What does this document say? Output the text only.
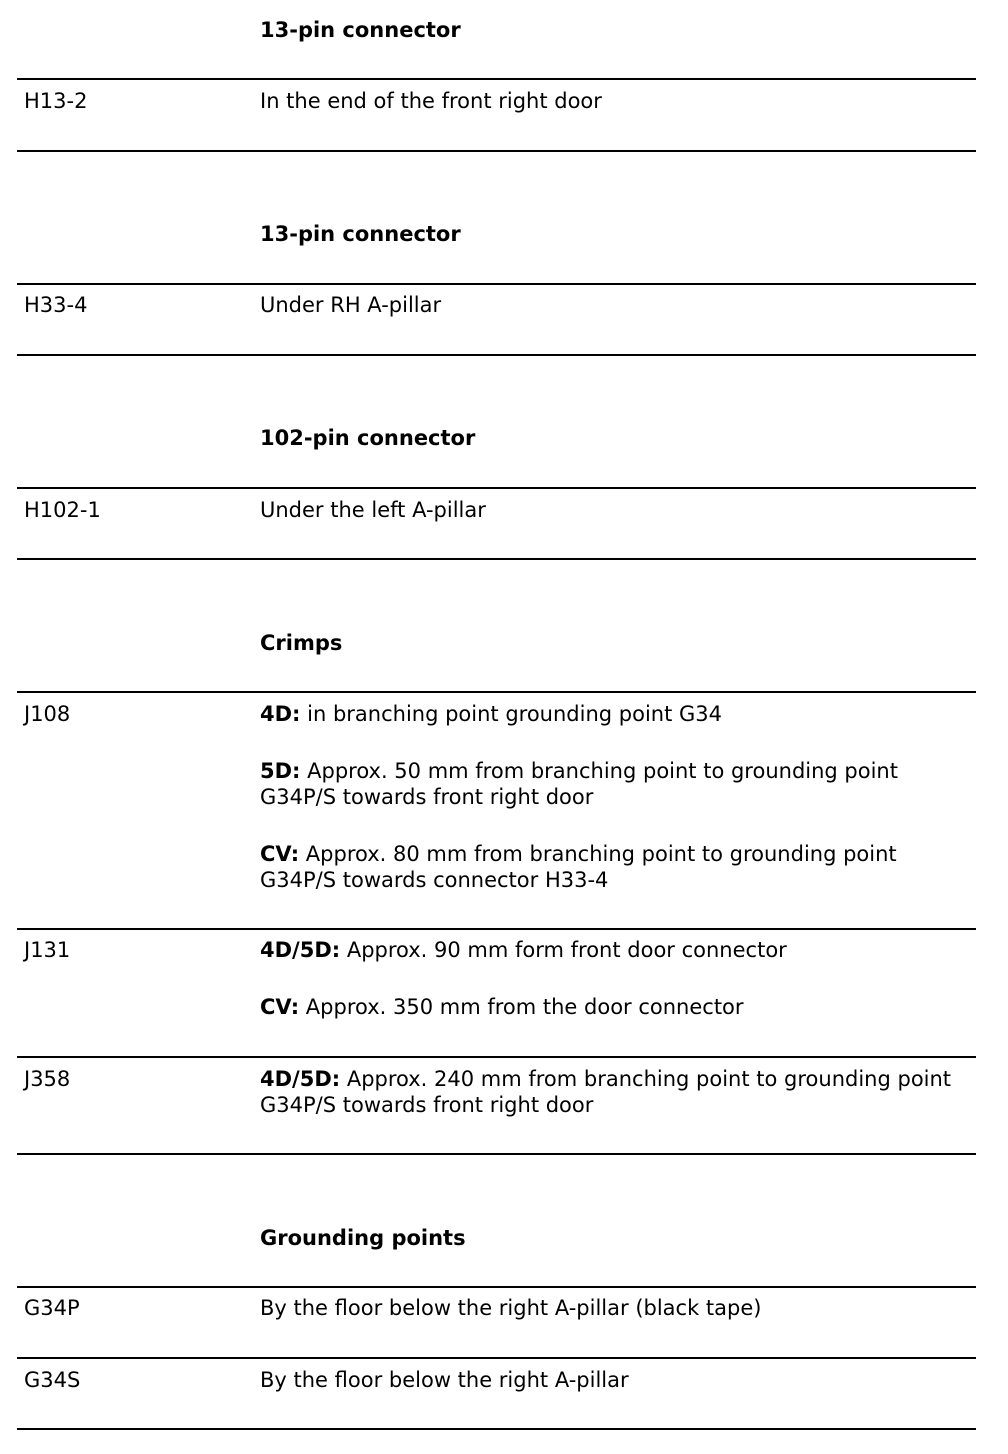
13-pin connector
H13-2	In the end of the front right door
13-pin connector
H33-4	Under RH A-pillar
102-pin connector
H102-1	Under the left A-pillar
Crimps
J108	4D: in branching point grounding point G34
5D: Approx. 50 mm from branching point to grounding point
G34P/S towards front right door
CV: Approx. 80 mm from branching point to grounding point
G34P/S towards connector H33-4
J131	4D/5D: Approx. 90 mm form front door connector
CV: Approx. 350 mm from the door connector
J358	4D/5D: Approx. 240 mm from branching point to grounding point
G34P/S towards front right door
Grounding points
G34P	By the floor below the right A-pillar (black tape)
G34S	By the floor below the right A-pillar
